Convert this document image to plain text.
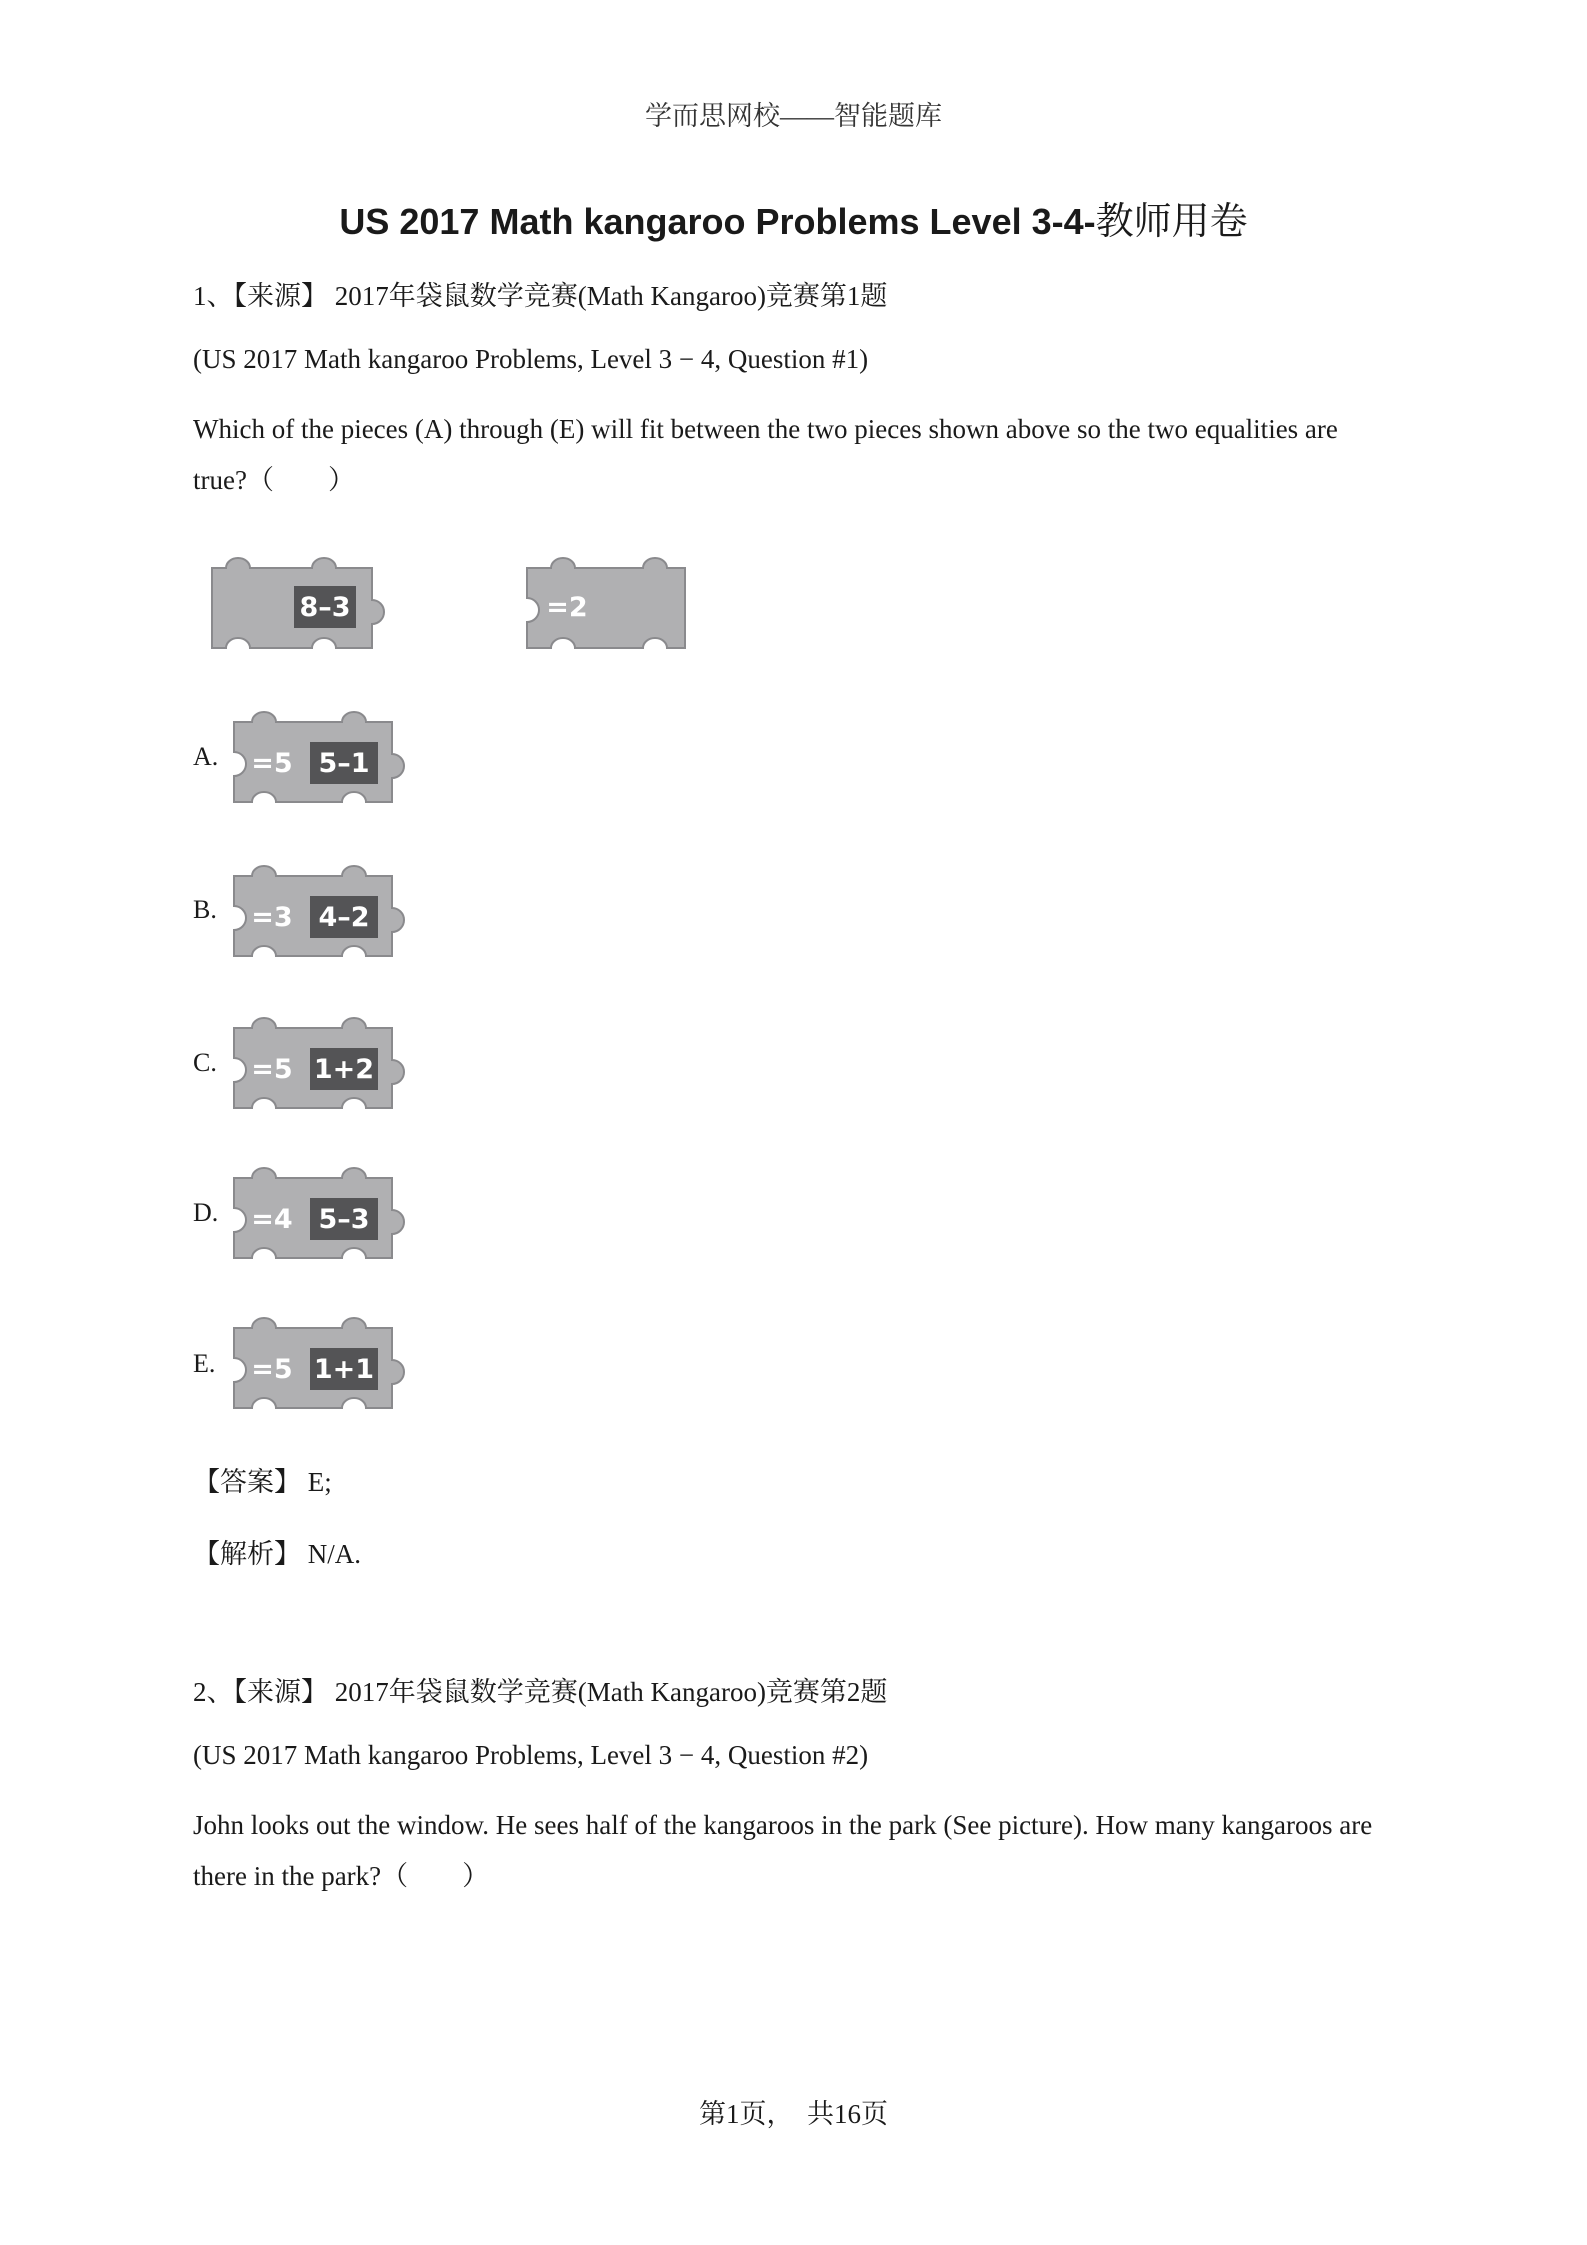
学而思网校——智能题库
US 2017 Math kangaroo Problems Level 3-4-教师用卷
1、【来源】 2017年袋鼠数学竞赛(Math Kangaroo)竞赛第1题
(US 2017 Math kangaroo Problems, Level 3 − 4, Question #1)
Which of the pieces (A) through (E) will fit between the two pieces shown above so the two equalities are true?（　　）
8–3	=2
A. =5 5–1
B. =3 4–2
C. =5 1+2
D. =4 5–3
E. =5 1+1
【答案】 E;
【解析】 N/A.
2、【来源】 2017年袋鼠数学竞赛(Math Kangaroo)竞赛第2题
(US 2017 Math kangaroo Problems, Level 3 − 4, Question #2)
John looks out the window. He sees half of the kangaroos in the park (See picture). How many kangaroos are there in the park?（　　）
第1页，　共16页
